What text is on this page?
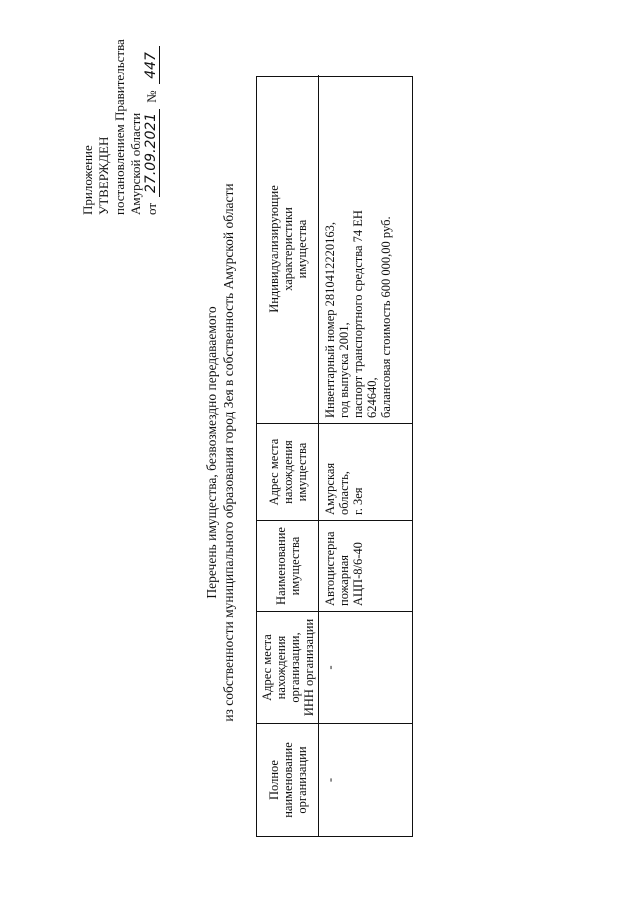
Приложение УТВЕРЖДЕН постановлением Правительства Амурской области от
27.09.2021
№
447
Перечень имущества, безвозмездно передаваемого из собственности муниципального образования город Зея в собственность Амурской области
Полное
наименование
организации
Адрес места
нахождения
организации,
ИНН организации
Наименование
имущества
Адрес места
нахождения
имущества
Индивидуализирующие
характеристики
имущества
-
-
Автоцистерна
пожарная
АЦП-8/6-40
Амурская область,
г. Зея
Инвентарный номер 2810412220163,
год выпуска 2001,
паспорт транспортного средства 74 ЕН
624640,
балансовая стоимость 600 000,00 руб.
